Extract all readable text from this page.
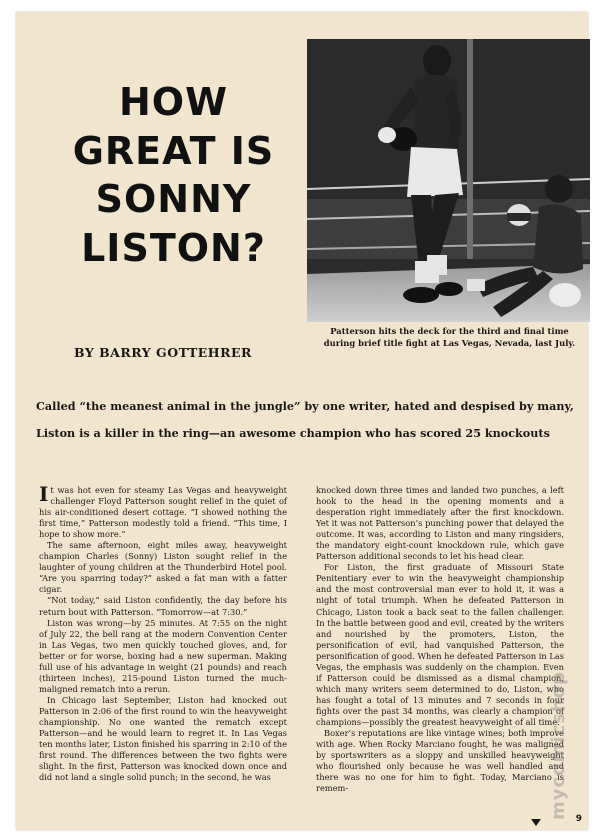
HOW
GREAT IS
SONNY
LISTON?
BY BARRY GOTTEHRER
Patterson hits the deck for the third and final time
during brief title fight at Las Vegas, Nevada, last July.
Called “the meanest animal in the jungle” by one writer, hated and despised by many,
Liston is a killer in the ring—an awesome champion who has scored 25 knockouts

It was hot even for steamy Las Vegas and heavyweight challenger Floyd Patterson sought relief in the quiet of his air-conditioned desert cottage. “I showed nothing the first time,” Patterson modestly told a friend. “This time, I hope to show more.”

The same afternoon, eight miles away, heavyweight champion Charles (Sonny) Liston sought relief in the laughter of young children at the Thunderbird Hotel pool. “Are you sparring today?” asked a fat man with a fatter cigar.

“Not today,” said Liston confidently, the day before his return bout with Patterson. “Tomorrow—at 7:30.”

Liston was wrong—by 25 minutes. At 7:55 on the night of July 22, the bell rang at the modern Convention Center in Las Vegas, two men quickly touched gloves, and, for better or for worse, boxing had a new superman. Making full use of his advantage in weight (21 pounds) and reach (thirteen inches), 215-pound Liston turned the much-maligned rematch into a rerun.

In Chicago last September, Liston had knocked out Patterson in 2:06 of the first round to win the heavyweight championship. No one wanted the rematch except Patterson—and he would learn to regret it. In Las Vegas ten months later, Liston finished his sparring in 2:10 of the first round. The differences between the two fights were slight. In the first, Patterson was knocked down once and did not land a single solid punch; in the second, he was

knocked down three times and landed two punches, a left hook to the head in the opening moments and a desperation right immediately after the first knockdown. Yet it was not Patterson’s punching power that delayed the outcome. It was, according to Liston and many ringsiders, the mandatory eight-count knockdown rule, which gave Patterson additional seconds to let his head clear.

For Liston, the first graduate of Missouri State Penitentiary ever to win the heavyweight championship and the most controversial man ever to hold it, it was a night of total triumph. When he defeated Patterson in Chicago, Liston took a back seat to the fallen challenger. In the battle between good and evil, created by the writers and nourished by the promoters, Liston, the personification of evil, had vanquished Patterson, the personification of good. When he defeated Patterson in Las Vegas, the emphasis was suddenly on the champion. Even if Patterson could be dismissed as a dismal champion, which many writers seem determined to do, Liston, who has fought a total of 13 minutes and 7 seconds in four fights over the past 34 months, was clearly a champion of champions—possibly the greatest heavyweight of all time.

Boxer’s reputations are like vintage wines; both improve with age. When Rocky Marciano fought, he was maligned by sportswriters as a sloppy and unskilled heavyweight who flourished only because he was well handled and there was no one for him to fight. Today, Marciano is remem-

9
mycomicshop
